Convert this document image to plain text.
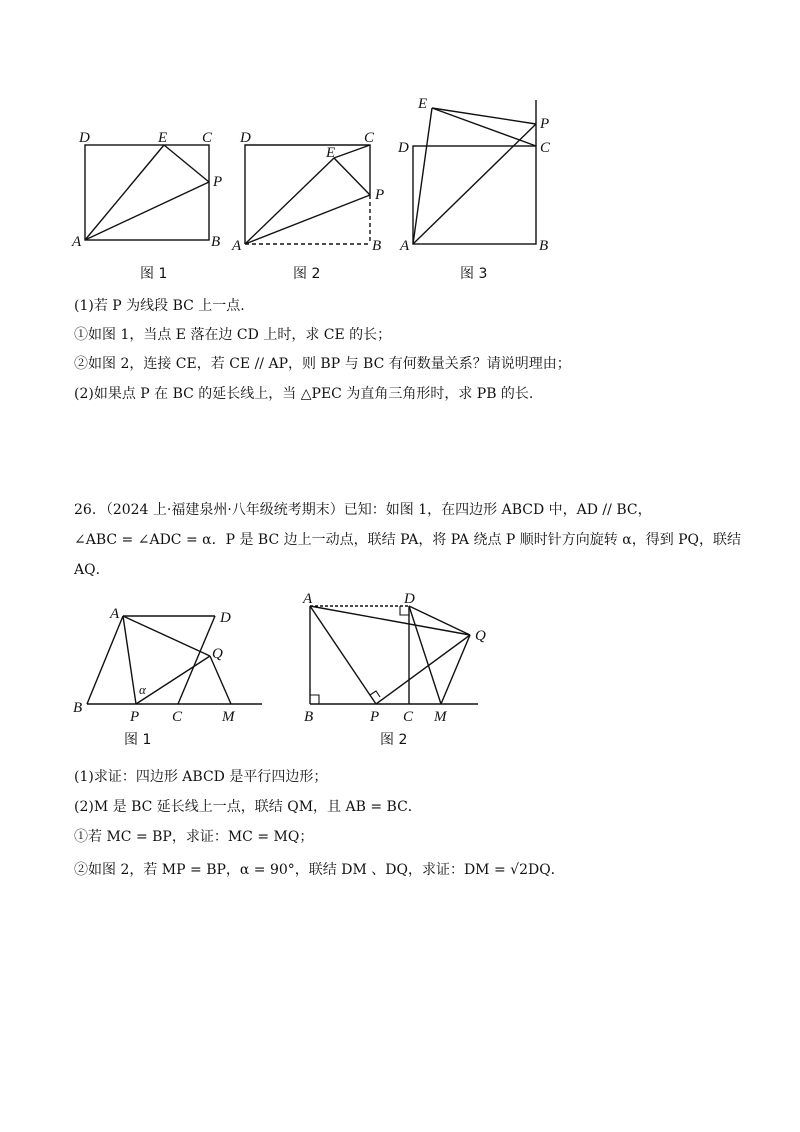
D	E C
P
A	B
图 1
D
E
C
P
A	B
图 2
E
P
C
D
A	B
图 3
(1)若 P 为线段 BC 上一点.
①如图 1，当点 E 落在边 CD 上时，求 CE 的长；
②如图 2，连接 CE，若 CE // AP，则 BP 与 BC 有何数量关系？请说明理由；
(2)如果点 P 在 BC 的延长线上，当 △PEC 为直角三角形时，求 PB 的长.
26．（2024 上·福建泉州·八年级统考期末）已知：如图 1，在四边形 ABCD 中，AD // BC，
∠ABC = ∠ADC = α．P 是 BC 边上一动点，联结 PA，将 PA 绕点 P 顺时针方向旋转 α，得到 PQ，联结
AQ．
A	D
Q
α
B
P C	M
图 1
A	D
Q
B	P C M
图 2
(1)求证：四边形 ABCD 是平行四边形；
(2)M 是 BC 延长线上一点，联结 QM，且 AB = BC．
①若 MC = BP，求证：MC = MQ；
②如图 2，若 MP = BP，α = 90°，联结 DM 、DQ，求证：DM = √2DQ．
